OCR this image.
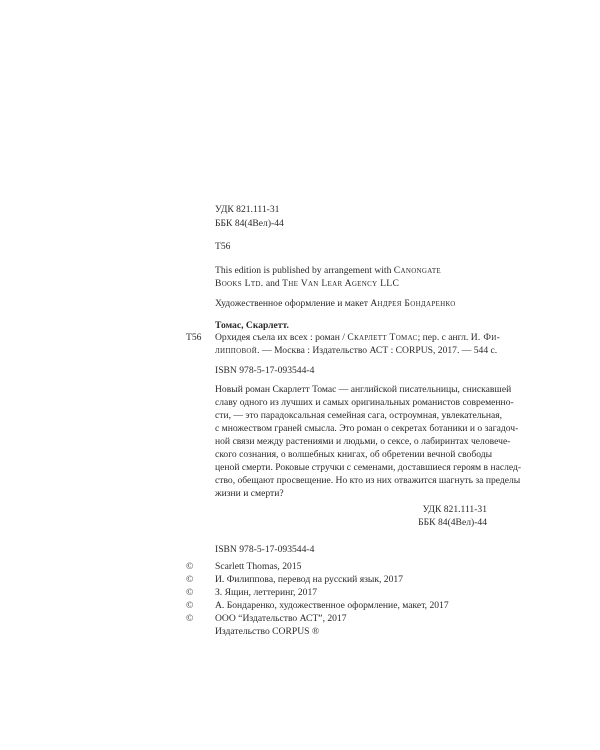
УДК 821.111-31
ББК 84(4Вел)-44
Т56
This edition is published by arrangement with Canongate
Books Ltd. and The Van Lear Agency LLC
Художественное оформление и макет Андрея Бондаренко
Томас, Скарлетт.
Т56 Орхидея съела их всех : роман / Скарлетт Томас; пер. с англ. И. Фи-
липповой. — Москва : Издательство АСТ : CORPUS, 2017. — 544 с.
ISBN 978-5-17-093544-4
Новый роман Скарлетт Томас — английской писательницы, снискавшей
славу одного из лучших и самых оригинальных романистов современно-
сти, — это парадоксальная семейная сага, остроумная, увлекательная,
с множеством граней смысла. Это роман о секретах ботаники и о загадоч-
ной связи между растениями и людьми, о сексе, о лабиринтах человече-
ского сознания, о волшебных книгах, об обретении вечной свободы
ценой смерти. Роковые стручки с семенами, доставшиеся героям в наслед-
ство, обещают просвещение. Но кто из них отважится шагнуть за пределы
жизни и смерти?
УДК 821.111-31
ББК 84(4Вел)-44
ISBN 978-5-17-093544-4
© Scarlett Thomas, 2015
© И. Филиппова, перевод на русский язык, 2017
© З. Ящин, леттеринг, 2017
© А. Бондаренко, художественное оформление, макет, 2017
© ООО “Издательство АСТ”, 2017
Издательство CORPUS ®
